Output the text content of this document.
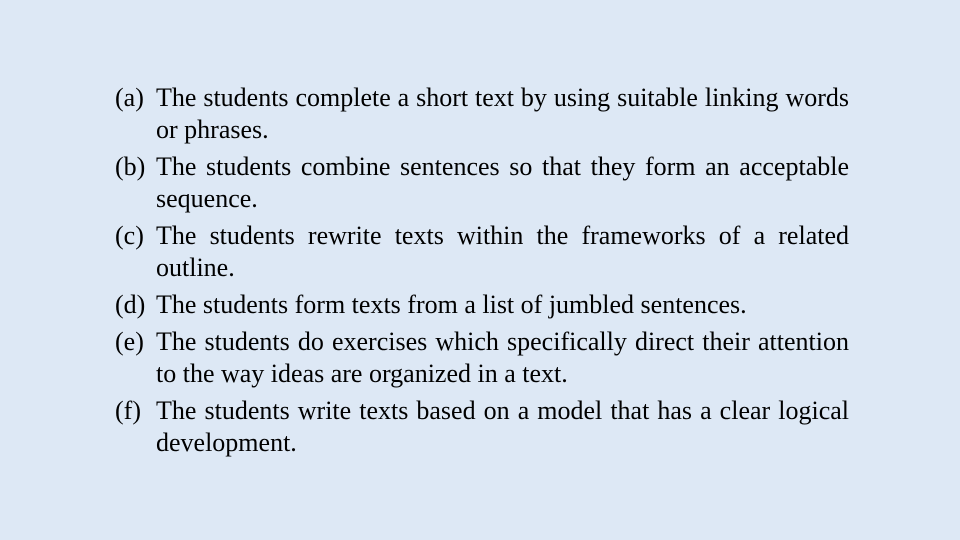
(a) The students complete a short text by using suitable linking words or phrases.
(b) The students combine sentences so that they form an acceptable sequence.
(c) The students rewrite texts within the frameworks of a related outline.
(d) The students form texts from a list of jumbled sentences.
(e) The students do exercises which specifically direct their attention to the way ideas are organized in a text.
(f) The students write texts based on a model that has a clear logical development.
